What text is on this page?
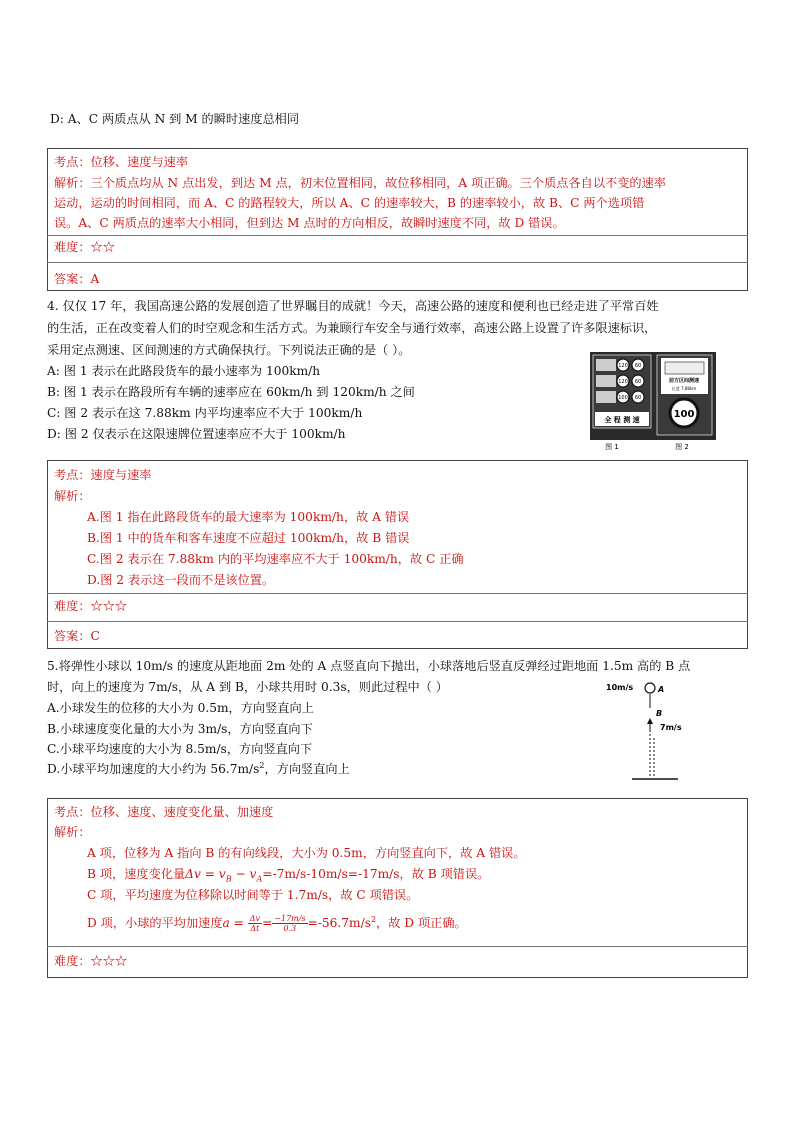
D: A、C 两质点从 N 到 M 的瞬时速度总相同
考点：位移、速度与速率
解析：三个质点均从 N 点出发，到达 M 点，初末位置相同，故位移相同，A 项正确。三个质点各自以不变的速率
运动，运动的时间相同，而 A、C 的路程较大，所以 A、C 的速率较大，B 的速率较小，故 B、C 两个选项错
误。A、C 两质点的速率大小相同，但到达 M 点时的方向相反，故瞬时速度不同，故 D 错误。
难度：☆☆
答案：A
4. 仅仅 17 年，我国高速公路的发展创造了世界瞩目的成就！今天，高速公路的速度和便利也已经走进了平常百姓
的生活，正在改变着人们的时空观念和生活方式。为兼顾行车安全与通行效率，高速公路上设置了许多限速标识，
采用定点测速、区间测速的方式确保执行。下列说法正确的是（ ）。
A: 图 1 表示在此路段货车的最小速率为 100km/h
B: 图 1 表示在路段所有车辆的速率应在 60km/h 到 120km/h 之间
C: 图 2 表示在这 7.88km 内平均速率应不大于 100km/h
D: 图 2 仅表示在这限速牌位置速率应不大于 100km/h
120 60
120 60
100 60
全 程 测 速
前方区间测速
长度 7.88km
100
图 1	图 2
考点：速度与速率
解析：
A.图 1 指在此路段货车的最大速率为 100km/h，故 A 错误
B.图 1 中的货车和客车速度不应超过 100km/h，故 B 错误
C.图 2 表示在 7.88km 内的平均速率应不大于 100km/h，故 C 正确
D.图 2 表示这一段而不是该位置。
难度：☆☆☆
答案：C
5.将弹性小球以 10m/s 的速度从距地面 2m 处的 A 点竖直向下抛出，小球落地后竖直反弹经过距地面 1.5m 高的 B 点
时，向上的速度为 7m/s，从 A 到 B，小球共用时 0.3s，则此过程中（ ）
A.小球发生的位移的大小为 0.5m，方向竖直向上
B.小球速度变化量的大小为 3m/s，方向竖直向下
C.小球平均速度的大小为 8.5m/s，方向竖直向下
D.小球平均加速度的大小约为 $56.7m/s^2$，方向竖直向上
10m/s	A
B
7m/s
考点：位移、速度、速度变化量、加速度
解析：
A 项，位移为 A 指向 B 的有向线段，大小为 0.5m，方向竖直向下，故 A 错误。
B 项，速度变化量$\Delta v = v_B - v_A=-7m/s-10m/s=-17m/s$，故 B 项错误。
C 项，平均速度为位移除以时间等于 1.7m/s，故 C 项错误。
D 项，小球的平均加速度$a = \frac{\Delta v}{\Delta t} = \frac{-17m/s}{0.3} =-56.7m/s^2$，故 D 项正确。
难度：☆☆☆
